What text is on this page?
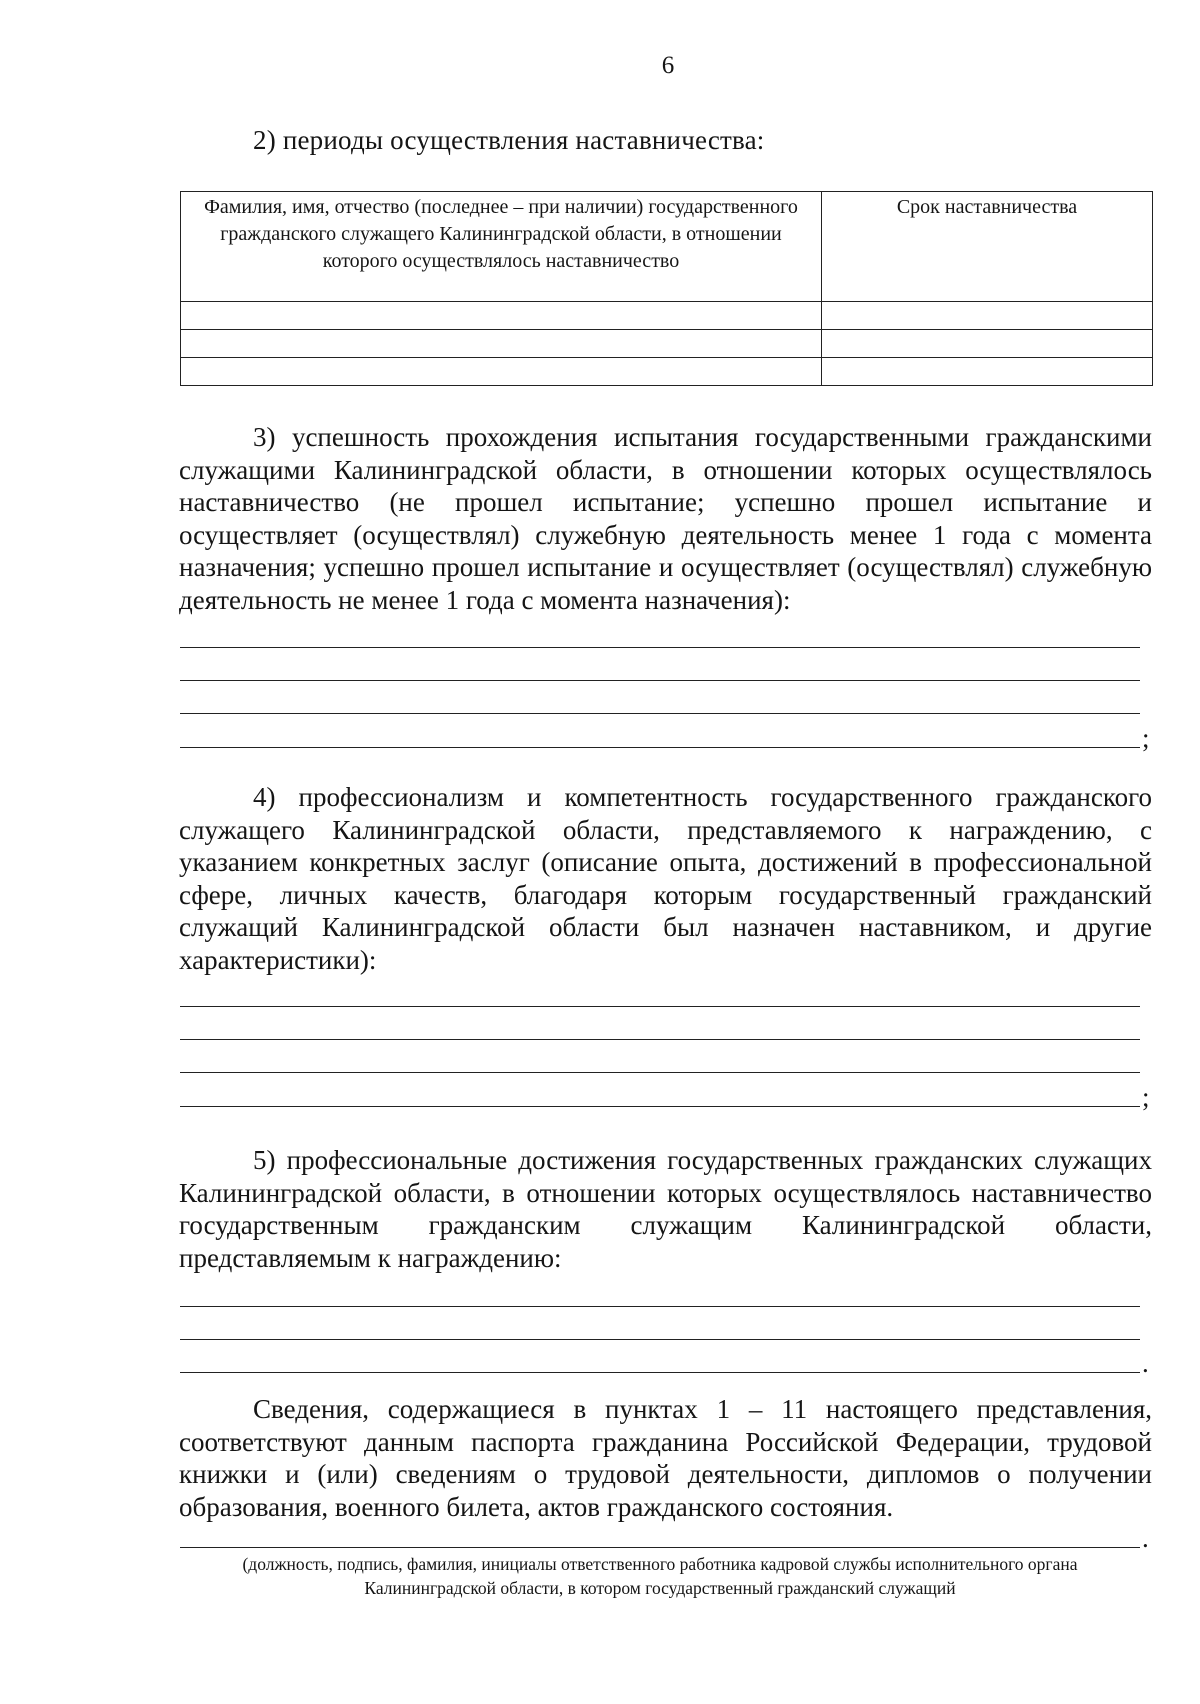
6
2) периоды осуществления наставничества:
Фамилия, имя, отчество (последнее – при наличии) государственного гражданского служащего Калининградской области, в отношении которого осуществлялось наставничество	Срок наставничества

3) успешность прохождения испытания государственными гражданскими служащими Калининградской области, в отношении которых осуществлялось наставничество (не прошел испытание; успешно прошел испытание и осуществляет (осуществлял) служебную деятельность менее 1 года с момента назначения; успешно прошел испытание и осуществляет (осуществлял) служебную деятельность не менее 1 года с момента назначения):
;
4) профессионализм и компетентность государственного гражданского служащего Калининградской области, представляемого к награждению, с указанием конкретных заслуг (описание опыта, достижений в профессиональной сфере, личных качеств, благодаря которым государственный гражданский служащий Калининградской области был назначен наставником, и другие характеристики):
;
5) профессиональные достижения государственных гражданских служащих Калининградской области, в отношении которых осуществлялось наставничество государственным гражданским служащим Калининградской области, представляемым к награждению:
.
Сведения, содержащиеся в пунктах 1 – 11 настоящего представления, соответствуют данным паспорта гражданина Российской Федерации, трудовой книжки и (или) сведениям о трудовой деятельности, дипломов о получении образования, военного билета, актов гражданского состояния.
.
(должность, подпись, фамилия, инициалы ответственного работника кадровой службы исполнительного органа Калининградской области, в котором государственный гражданский служащий
